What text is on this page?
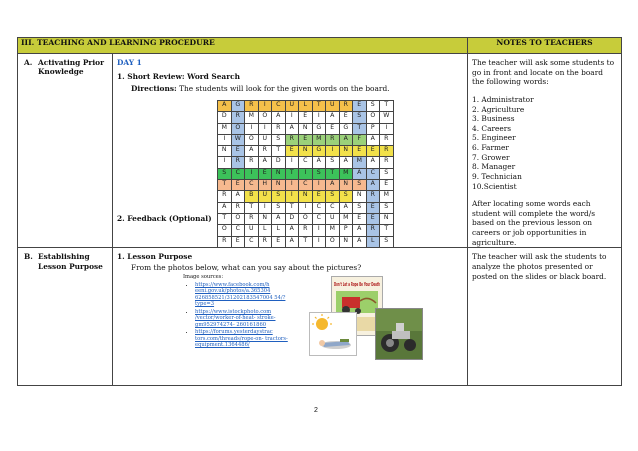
III. TEACHING AND LEARNING PROCEDURE	NOTES TO TEACHERS
A. Activating Prior
Knowledge

DAY 1
1. Short Review: Word Search
Directions: The students will look for the given words on the board.
A	G	R	I	C	U	L	T	U	R	E	S	T
D	R	M	O	A	I	E	I	A	E	S	O	W
M	O	I	I	R	A	N	G	E	G	T	P	I
I	W	O	U	S	R	E	M	R	A	F	A	R
N	E	A	R	T	E	N	G	I	N	E	E	R
I	R	R	A	D	I	C	A	S	A	M	A	R
S	C	I	E	N	T	I	S	T	M	A	C	S
T	E	C	H	N	I	C	I	A	N	S	A	E
R	A	B	U	S	I	N	E	S	S	N	R	M
A	R	T	I	S	T	I	C	C	A	S	E	S
T	O	R	N	A	D	O	C	U	M	E	E	N
O	C	U	L	L	A	R	I	M	P	A	R	T
R	E	C	R	E	A	T	I	O	N	A	L	S
2. Feedback (Optional)

The teacher will ask some students to go in front and locate on the board the following words:

1. Administrator
2. Agriculture
3. Business
4. Careers
5. Engineer
6. Farmer
7. Grower
8. Manager
9. Technician
10.Scientist

After locating some words each student will complete the word/s based on the previous lesson on careers or job opportunities in agriculture.

B. Establishing
Lesson Purpose

1. Lesson Purpose
From the photos below, what can you say about the pictures?
Image sources:
• https://www.facebook.com/h eeni.gov.uk/photos/a.365304 626858521/31202183547004 54/?type=3
• https://www.istockphoto.com /vector/worker-of-heat- stroke-gm952974274- 260161860
• https://forums.yesterdaystrac tors.com/threads/rope-on- tractors-equipment.1364486/
Don't Let a Rope Be Your Death

The teacher will ask the students to analyze the photos presented or posted on the slides or black board.

2
